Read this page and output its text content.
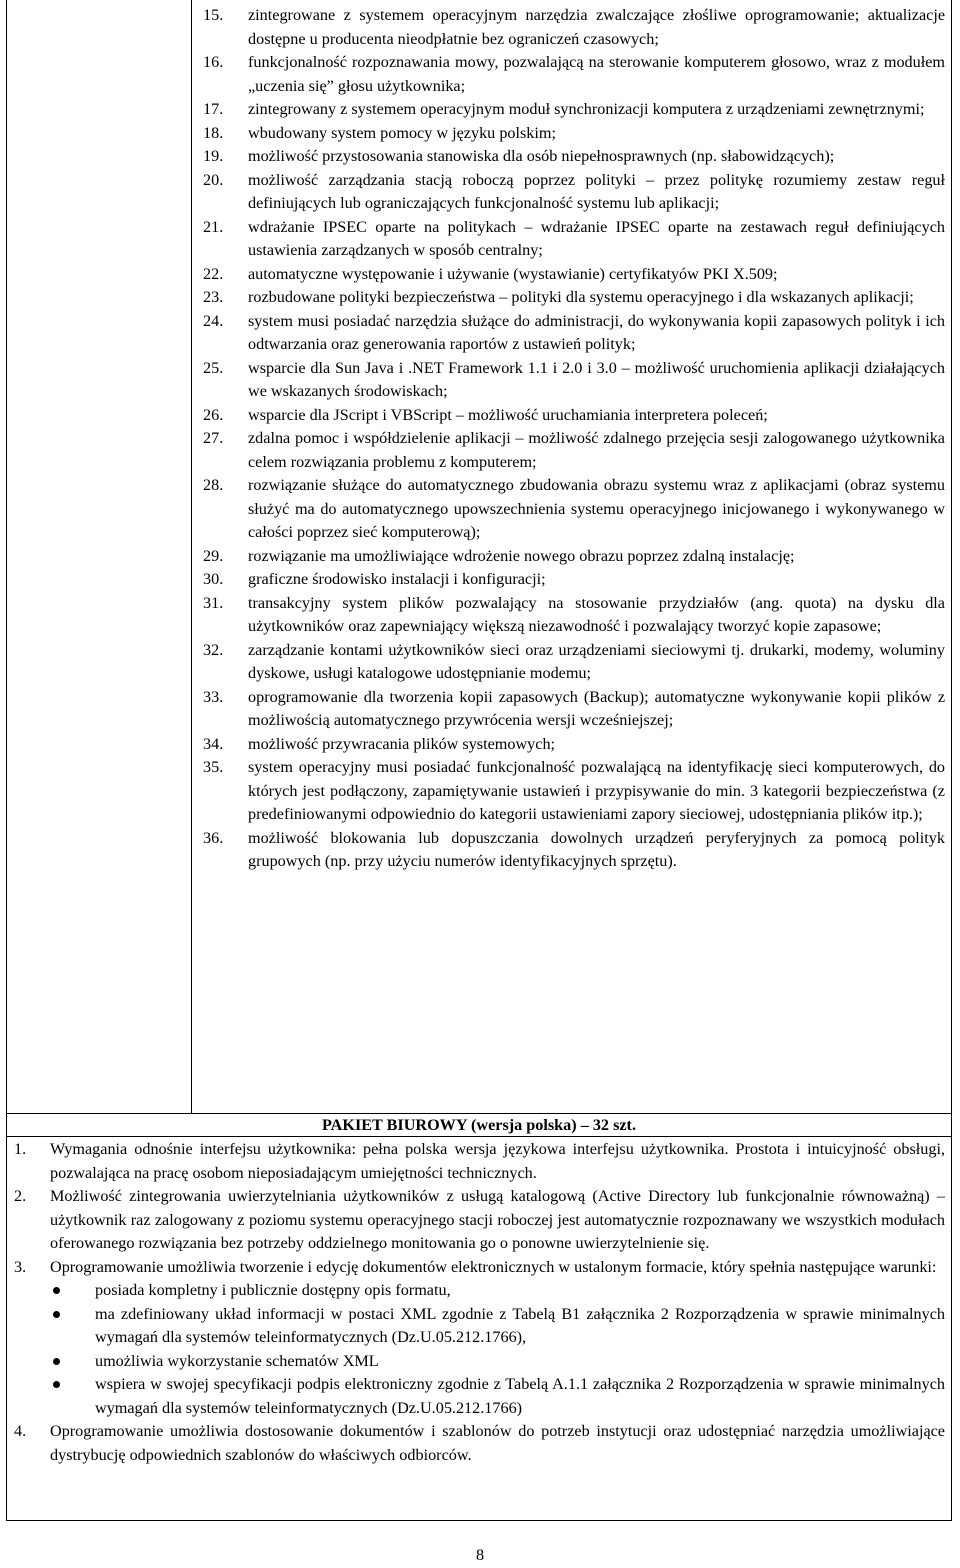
15.	zintegrowane z systemem operacyjnym narzędzia zwalczające złośliwe oprogramowanie; aktualizacje dostępne u producenta nieodpłatnie bez ograniczeń czasowych;
16.	funkcjonalność rozpoznawania mowy, pozwalającą na sterowanie komputerem głosowo, wraz z modułem „uczenia się” głosu użytkownika;
17.	zintegrowany z systemem operacyjnym moduł synchronizacji komputera z urządzeniami zewnętrznymi;
18.	wbudowany system pomocy w języku polskim;
19.	możliwość przystosowania stanowiska dla osób niepełnosprawnych (np. słabowidzących);
20.	możliwość zarządzania stacją roboczą poprzez polityki – przez politykę rozumiemy zestaw reguł definiujących lub ograniczających funkcjonalność systemu lub aplikacji;
21.	wdrażanie IPSEC oparte na politykach – wdrażanie IPSEC oparte na zestawach reguł definiujących ustawienia zarządzanych w sposób centralny;
22.	automatyczne występowanie i używanie (wystawianie) certyfikatyów PKI X.509;
23.	rozbudowane polityki bezpieczeństwa – polityki dla systemu operacyjnego i dla wskazanych aplikacji;
24.	system musi posiadać narzędzia służące do administracji, do wykonywania kopii zapasowych polityk i ich odtwarzania oraz generowania raportów z ustawień polityk;
25.	wsparcie dla Sun Java i .NET Framework 1.1 i 2.0 i 3.0 – możliwość uruchomienia aplikacji działających we wskazanych środowiskach;
26.	wsparcie dla JScript i VBScript – możliwość uruchamiania interpretera poleceń;
27.	zdalna pomoc i współdzielenie aplikacji – możliwość zdalnego przejęcia sesji zalogowanego użytkownika celem rozwiązania problemu z komputerem;
28.	rozwiązanie służące do automatycznego zbudowania obrazu systemu wraz z aplikacjami (obraz systemu służyć ma do automatycznego upowszechnienia systemu operacyjnego inicjowanego i wykonywanego w całości poprzez sieć komputerową);
29.	rozwiązanie ma umożliwiające wdrożenie nowego obrazu poprzez zdalną instalację;
30.	graficzne środowisko instalacji i konfiguracji;
31.	transakcyjny system plików pozwalający na stosowanie przydziałów (ang. quota) na dysku dla użytkowników oraz zapewniający większą niezawodność i pozwalający tworzyć kopie zapasowe;
32.	zarządzanie kontami użytkowników sieci oraz urządzeniami sieciowymi tj. drukarki, modemy, woluminy dyskowe, usługi katalogowe udostępnianie modemu;
33.	oprogramowanie dla tworzenia kopii zapasowych (Backup); automatyczne wykonywanie kopii plików z możliwością automatycznego przywrócenia wersji wcześniejszej;
34.	możliwość przywracania plików systemowych;
35.	system operacyjny musi posiadać funkcjonalność pozwalającą na identyfikację sieci komputerowych, do których jest podłączony, zapamiętywanie ustawień i przypisywanie do min. 3 kategorii bezpieczeństwa (z predefiniowanymi odpowiednio do kategorii ustawieniami zapory sieciowej, udostępniania plików itp.);
36.	możliwość blokowania lub dopuszczania dowolnych urządzeń peryferyjnych za pomocą polityk grupowych (np. przy użyciu numerów identyfikacyjnych sprzętu).
PAKIET BIUROWY (wersja polska) – 32 szt.
1.	Wymagania odnośnie interfejsu użytkownika: pełna polska wersja językowa interfejsu użytkownika. Prostota i intuicyjność obsługi, pozwalająca na pracę osobom nieposiadającym umiejętności technicznych.
2.	Możliwość zintegrowania uwierzytelniania użytkowników z usługą katalogową (Active Directory lub funkcjonalnie równoważną) – użytkownik raz zalogowany z poziomu systemu operacyjnego stacji roboczej jest automatycznie rozpoznawany we wszystkich modułach oferowanego rozwiązania bez potrzeby oddzielnego monitowania go o ponowne uwierzytelnienie się.
3.	Oprogramowanie umożliwia tworzenie i edycję dokumentów elektronicznych w ustalonym formacie, który spełnia następujące warunki:
posiada kompletny i publicznie dostępny opis formatu,
ma zdefiniowany układ informacji w postaci XML zgodnie z Tabelą B1 załącznika 2 Rozporządzenia w sprawie minimalnych wymagań dla systemów teleinformatycznych (Dz.U.05.212.1766),
umożliwia wykorzystanie schematów XML
wspiera w swojej specyfikacji podpis elektroniczny zgodnie z Tabelą A.1.1 załącznika 2 Rozporządzenia w sprawie minimalnych wymagań dla systemów teleinformatycznych (Dz.U.05.212.1766)
4.	Oprogramowanie umożliwia dostosowanie dokumentów i szablonów do potrzeb instytucji oraz udostępniać narzędzia umożliwiające dystrybucję odpowiednich szablonów do właściwych odbiorców.
8
